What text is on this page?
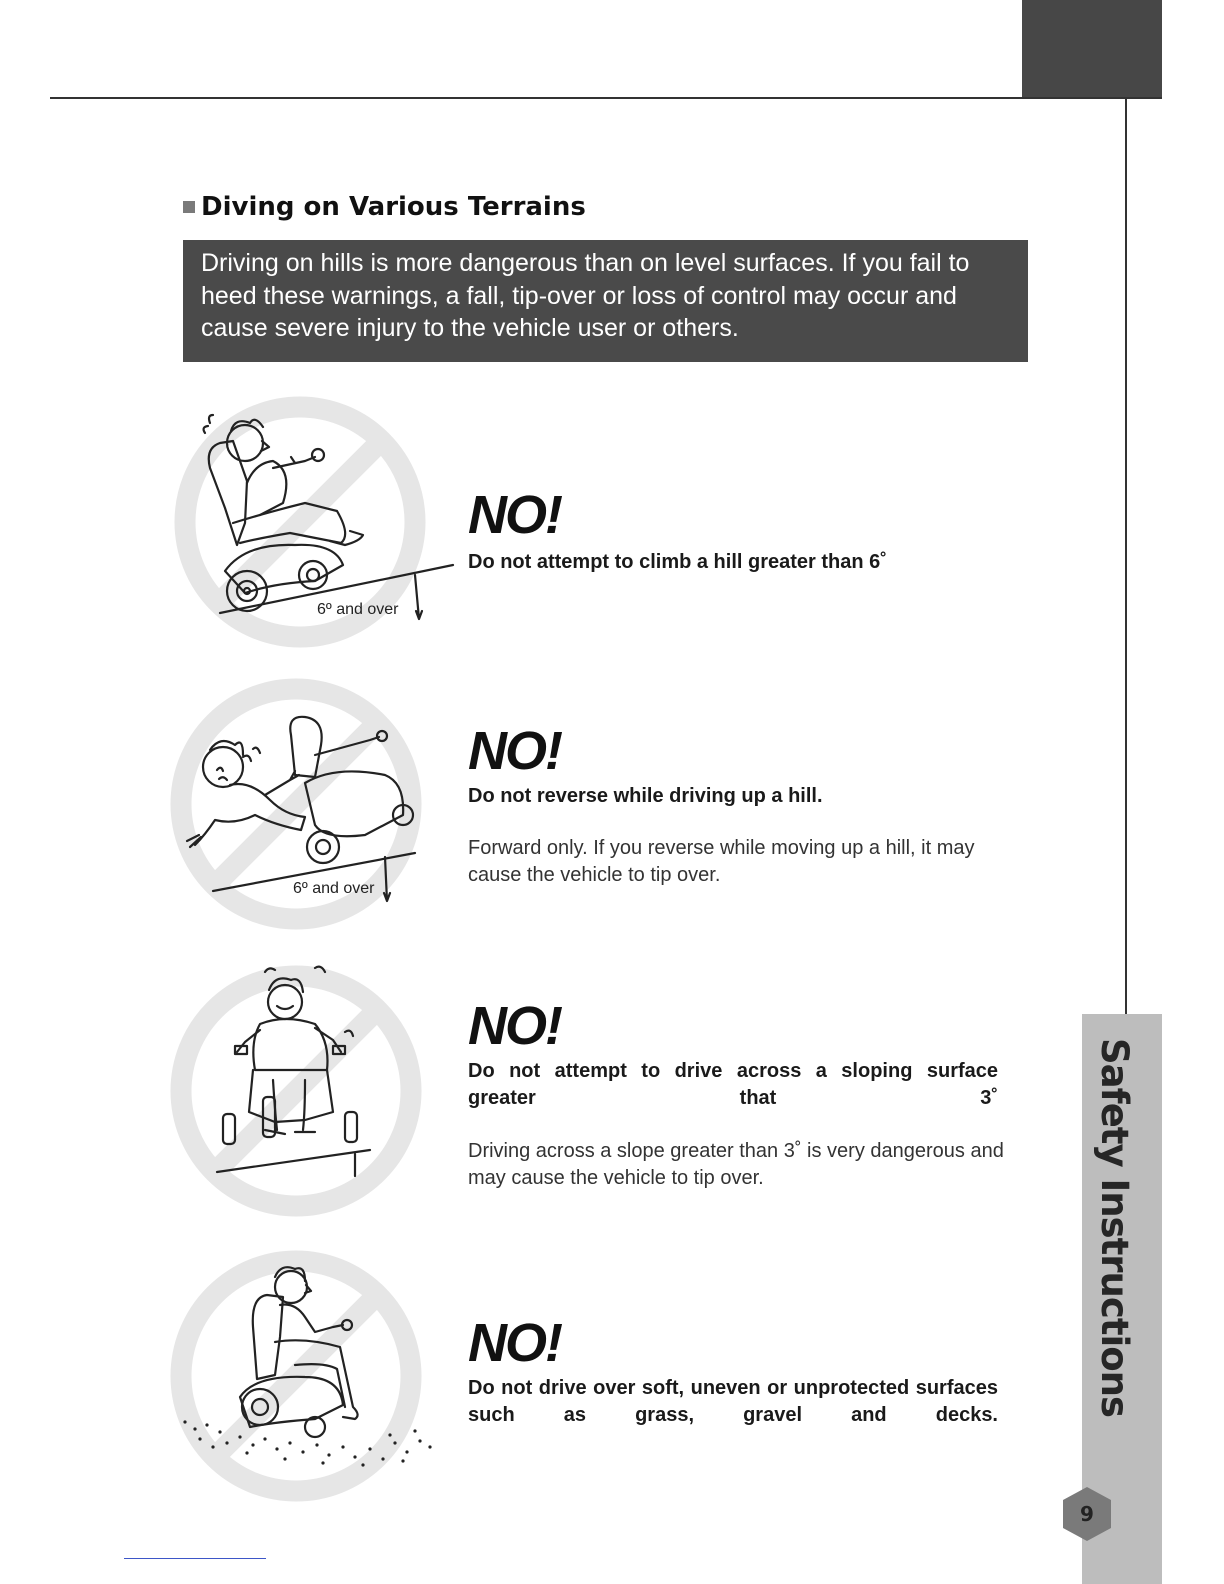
Diving on Various Terrains

Driving on hills is more dangerous than on level surfaces. If you fail to heed these warnings, a fall, tip-over or loss of control may occur and cause severe injury to the vehicle user or others.

6º and over
NO!

Do not attempt to climb a hill greater than 6˚

6º and over
NO!

Do not reverse while driving up a hill.

Forward only. If you reverse while moving up a hill, it may cause the vehicle to tip over.

NO!

Do not attempt to drive across a sloping surface greater that 3˚

Driving across a slope greater than 3˚ is very dangerous and may cause the vehicle to tip over.

NO!

Do not drive over soft, uneven or unprotected surfaces such as grass, gravel and decks.	Safety Instructions
9
